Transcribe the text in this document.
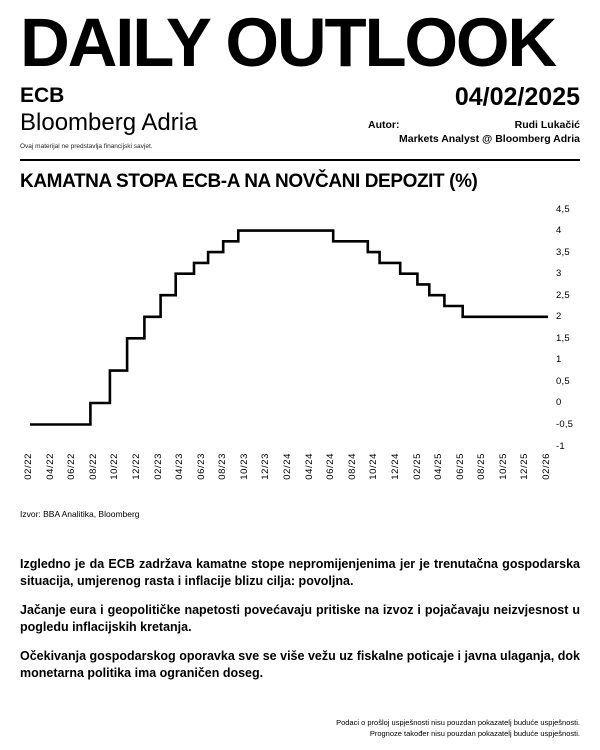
DAILY OUTLOOK
ECB
Bloomberg Adria
Ovaj materijal ne predstavlja financijski savjet.
04/02/2025
Autor:	Rudi Lukačić
Markets Analyst @ Bloomberg Adria
KAMATNA STOPA ECB-A NA NOVČANI DEPOZIT (%)
4,5
4
3,5
3
2,5
2
1,5
1
0,5
0
-0,5
-1
02/22 04/22 06/22 08/22 10/22 12/22 02/23 04/23 06/23 08/23 10/23 12/23 02/24 04/24 06/24 08/24 10/24 12/24 02/25 04/25 06/25 08/25 10/25 12/25 02/26
Izvor: BBA Analitika, Bloomberg

Izgledno je da ECB zadržava kamatne stope nepromijenjenima jer je trenutačna gospodarska situacija, umjerenog rasta i inflacije blizu cilja: povoljna.

Jačanje eura i geopolitičke napetosti povećavaju pritiske na izvoz i pojačavaju neizvjesnost u pogledu inflacijskih kretanja.

Očekivanja gospodarskog oporavka sve se više vežu uz fiskalne poticaje i javna ulaganja, dok monetarna politika ima ograničen doseg.

Podaci o prošloj uspješnosti nisu pouzdan pokazatelj buduće uspješnosti.
Prognoze također nisu pouzdan pokazatelj buduće uspješnosti.
